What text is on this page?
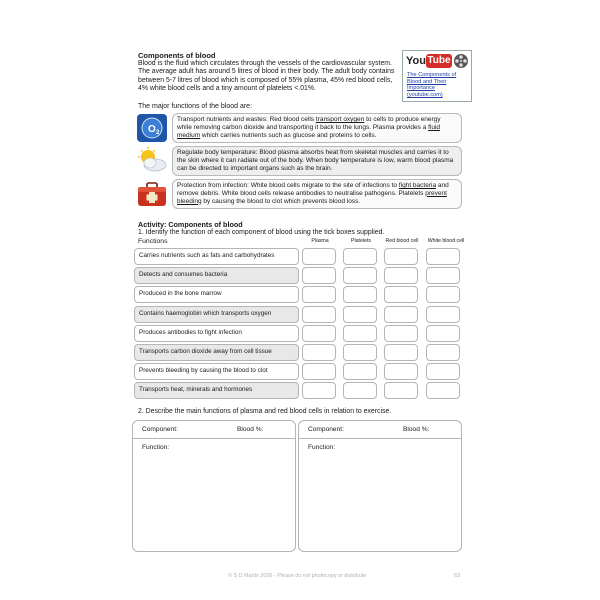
Components of blood
Blood is the fluid which circulates through the vessels of the cardiovascular system. The average adult has around 5 litres of blood in their body. The adult body contains between 5-7 litres of blood which is composed of 55% plasma, 45% red blood cells, 4% white blood cells and a tiny amount of platelets <.01%.
You Tube
The Components of Blood and Their Importance (youtube.com)
The major functions of the blood are:
O 2
Transport nutrients and wastes: Red blood cells transport oxygen to cells to produce energy while removing carbon dioxide and transporting it back to the lungs. Plasma provides a fluid medium which carries nutrients such as glucose and proteins to cells.
Regulate body temperature: Blood plasma absorbs heat from skeletal muscles and carries it to the skin where it can radiate out of the body. When body temperature is low, warm blood plasma can be directed to important organs such as the brain.
Protection from infection: White blood cells migrate to the site of infections to fight bacteria and remove debris. White blood cells release antibodies to neutralise pathogens. Platelets prevent bleeding by causing the blood to clot which prevents blood loss.
Activity: Components of blood
1. Identify the function of each component of blood using the tick boxes supplied.
Functions	Plasma	Platelets	Red blood cell	White blood cell
Carries nutrients such as fats and carbohydrates
Detects and consumes bacteria
Produced in the bone marrow
Contains haemoglobin which transports oxygen
Produces antibodies to fight infection
Transports carbon dioxide away from cell tissue
Prevents bleeding by causing the blood to clot
Transports heat, minerals and hormones
2. Describe the main functions of plasma and red blood cells in relation to exercise.
Component:	Blood %:
Function:
Component:	Blood %:
Function:
© S D Martin 2026 - Please do not photocopy or distribute	63
